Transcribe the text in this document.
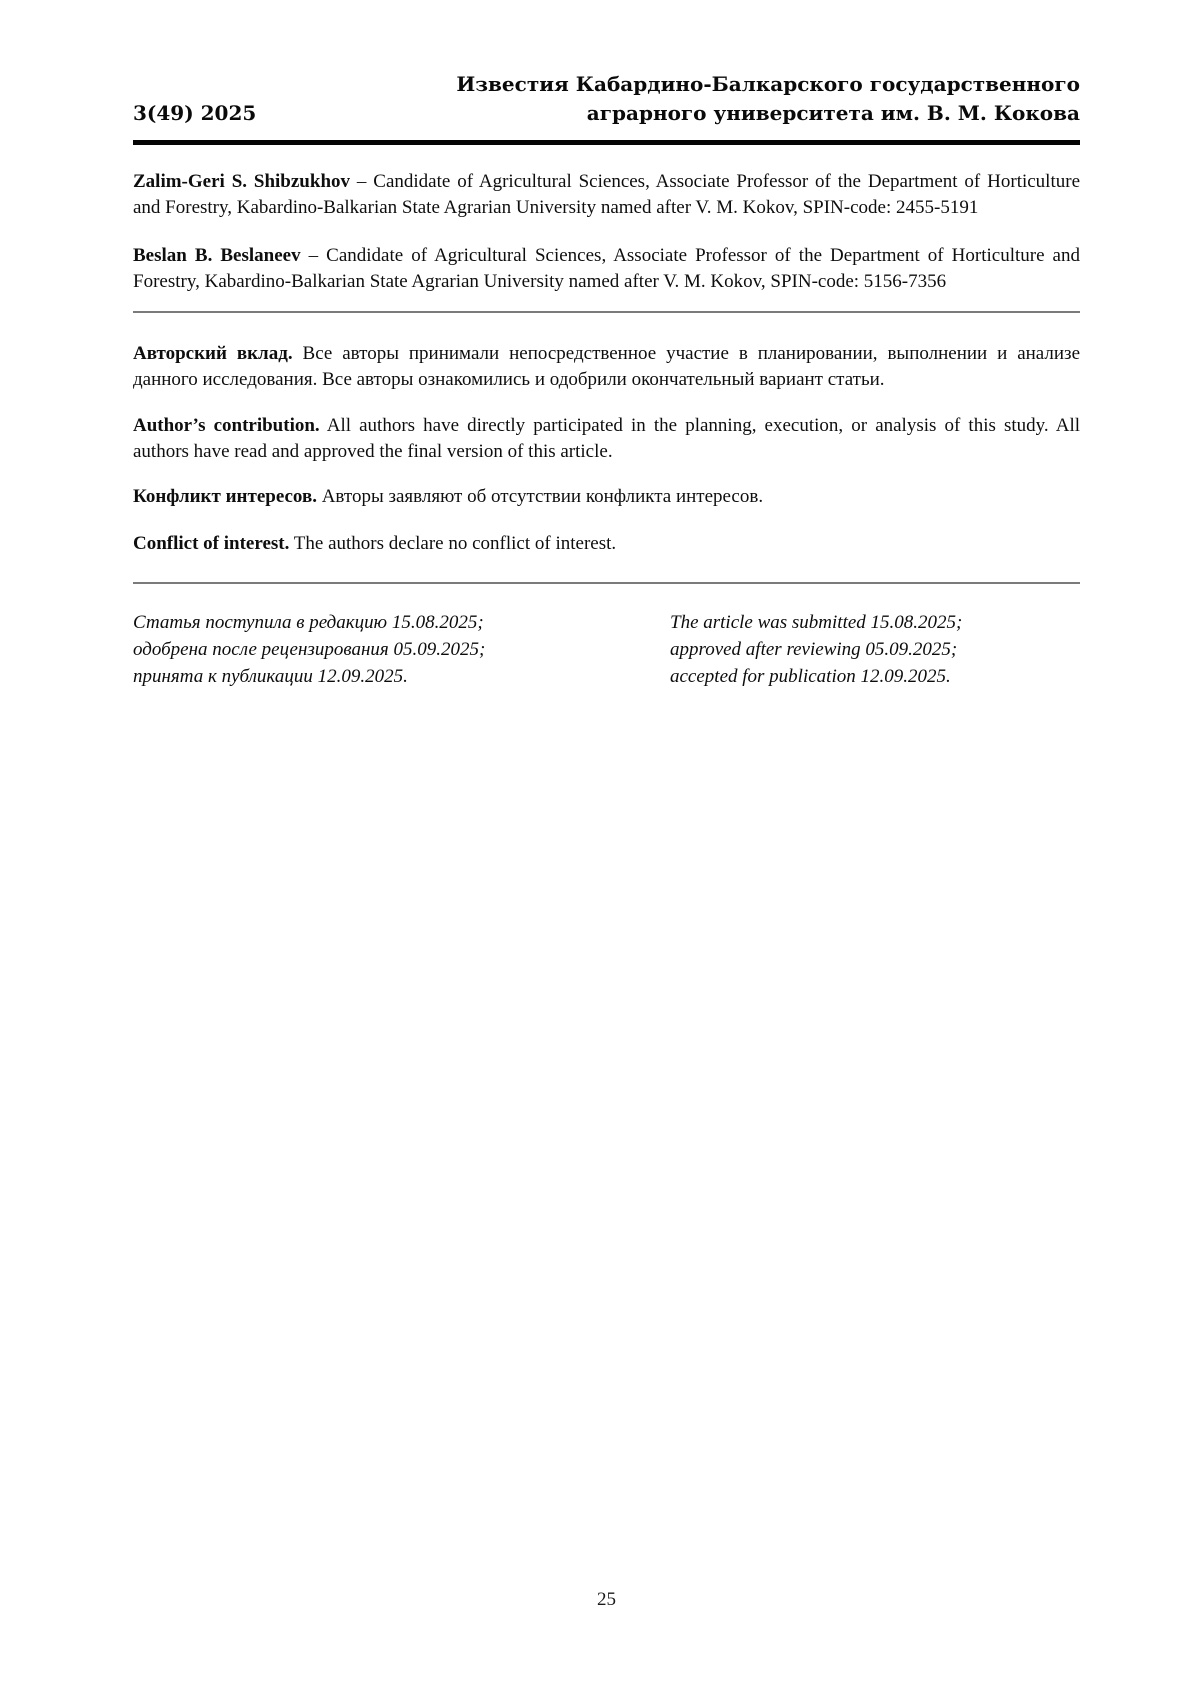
3(49) 2025
Известия Кабардино-Балкарского государственного
аграрного университета им. В. М. Кокова

Zalim-Geri S. Shibzukhov – Candidate of Agricultural Sciences, Associate Professor of the Department of Horticulture and Forestry, Kabardino-Balkarian State Agrarian University named after V. M. Kokov, SPIN-code: 2455-5191

Beslan B. Beslaneev – Candidate of Agricultural Sciences, Associate Professor of the Department of Horticulture and Forestry, Kabardino-Balkarian State Agrarian University named after V. M. Kokov, SPIN-code: 5156-7356

Авторский вклад. Все авторы принимали непосредственное участие в планировании, выполнении и анализе данного исследования. Все авторы ознакомились и одобрили окончательный вариант статьи.

Author’s contribution. All authors have directly participated in the planning, execution, or analysis of this study. All authors have read and approved the final version of this article.

Конфликт интересов. Авторы заявляют об отсутствии конфликта интересов.

Conflict of interest. The authors declare no conflict of interest.

Статья поступила в редакцию 15.08.2025;
одобрена после рецензирования 05.09.2025;
принята к публикации 12.09.2025.
The article was submitted 15.08.2025;
approved after reviewing 05.09.2025;
accepted for publication 12.09.2025.
25
